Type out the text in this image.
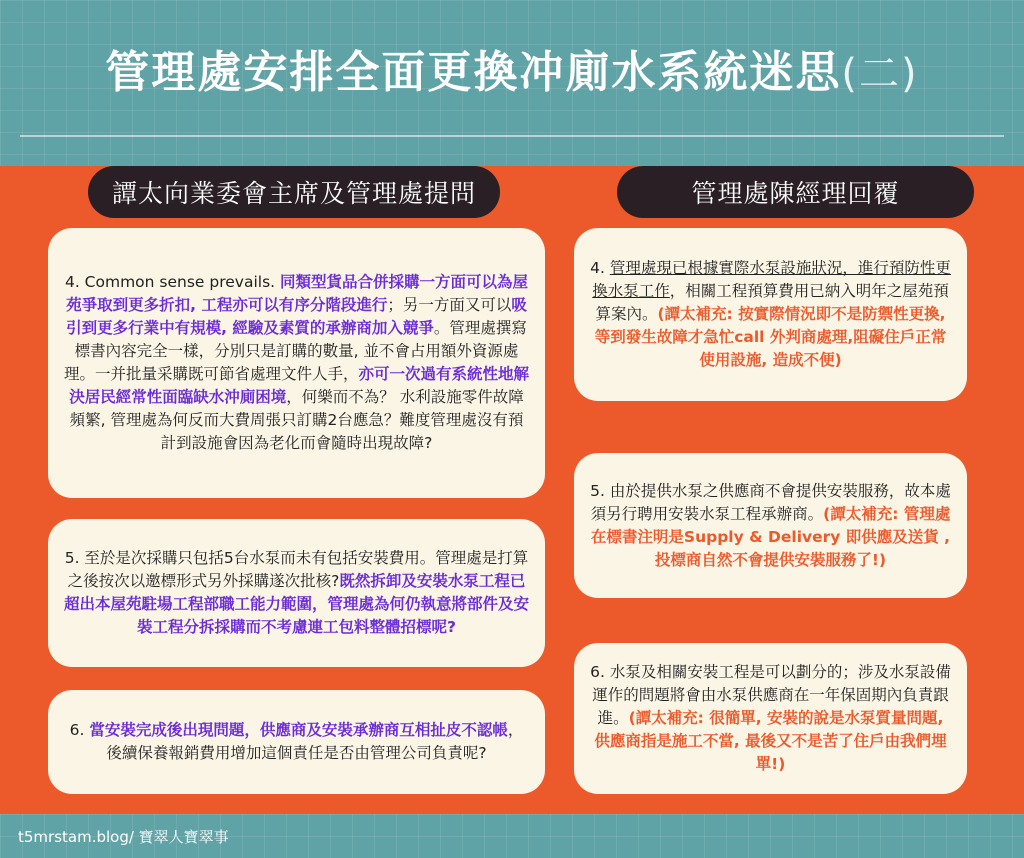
管理處安排全面更換冲廁水系統迷思(二)
譚太向業委會主席及管理處提問	管理處陳經理回覆

4. Common sense prevails. 同類型貨品合併採購一方面可以為屋苑爭取到更多折扣, 工程亦可以有序分階段進行；另一方面又可以吸引到更多行業中有規模, 經驗及素質的承辦商加入競爭。管理處撰寫標書內容完全一樣，分別只是訂購的數量, 並不會占用額外資源處理。一并批量采購既可節省處理文件人手，亦可一次過有系統性地解決居民經常性面臨缺水沖廁困境，何樂而不為？ 水利設施零件故障頻繁, 管理處為何反而大費周張只訂購2台應急？難度管理處沒有預計到設施會因為老化而會隨時出現故障?

5. 至於是次採購只包括5台水泵而未有包括安裝費用。管理處是打算之後按次以邀標形式另外採購遂次批核?既然拆卸及安裝水泵工程已超出本屋苑駐場工程部職工能力範圍，管理處為何仍執意將部件及安裝工程分拆採購而不考慮連工包料整體招標呢?

6. 當安裝完成後出現問題，供應商及安裝承辦商互相扯皮不認帳，後續保養報銷費用增加這個責任是否由管理公司負責呢?

4. 管理處現已根據實際水泵設施狀況，進行預防性更換水泵工作，相關工程預算費用已納入明年之屋苑預算案內。(譚太補充: 按實際情況即不是防禦性更換, 等到發生故障才急忙call 外判商處理,阻礙住戶正常使用設施, 造成不便)

5. 由於提供水泵之供應商不會提供安裝服務，故本處須另行聘用安裝水泵工程承辦商。(譚太補充: 管理處在標書注明是Supply & Delivery 即供應及送貨 ,投標商自然不會提供安裝服務了!)

6. 水泵及相關安裝工程是可以劃分的；涉及水泵設備運作的問題將會由水泵供應商在一年保固期內負責跟進。(譚太補充: 很簡單, 安裝的說是水泵質量問題, 供應商指是施工不當, 最後又不是苦了住戶由我們埋單!)

t5mrstam.blog/ 寶翠人寶翠事
